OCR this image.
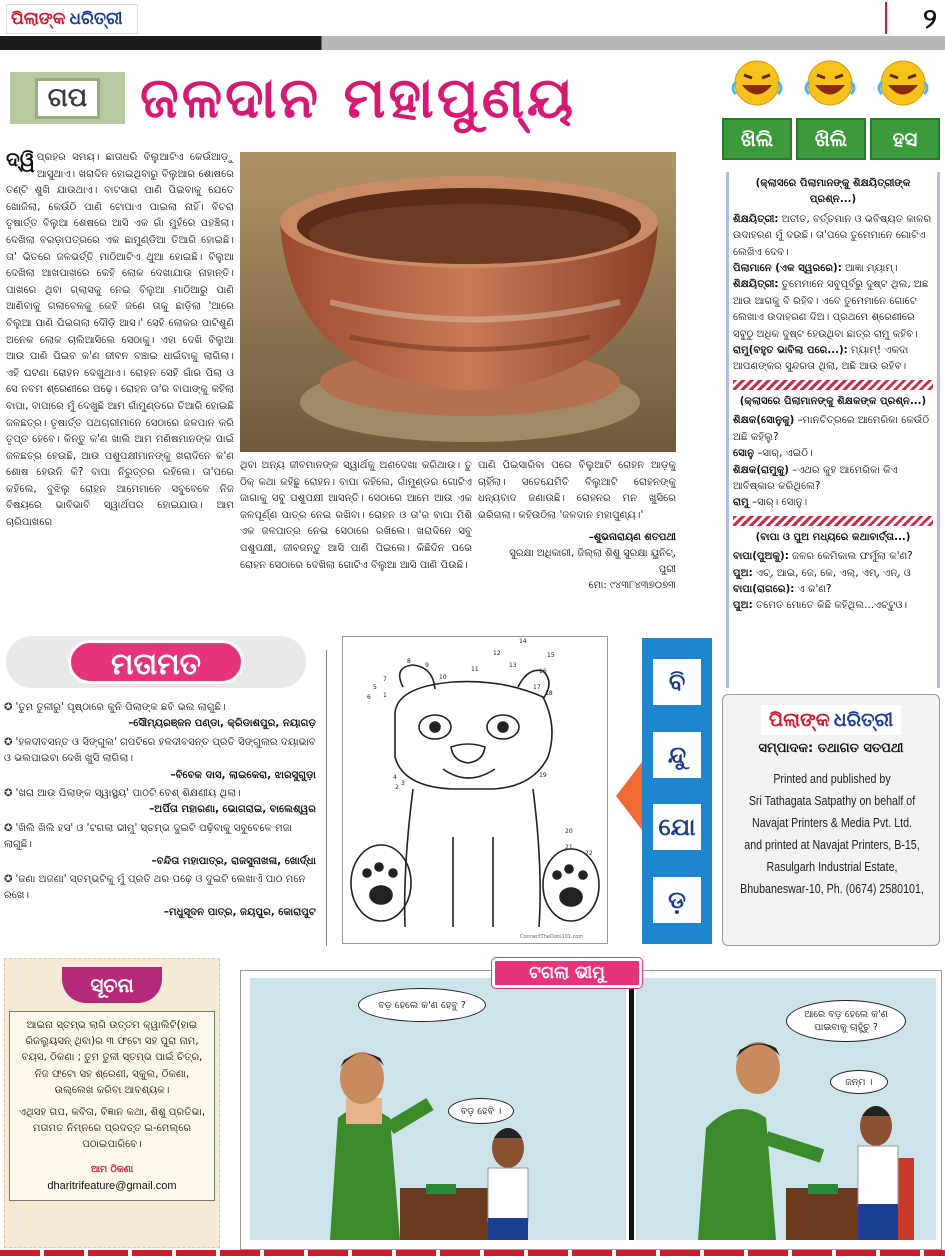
ପିଲାଙ୍କ ଧରିତ୍ରୀ	୨
ଗପ ଜଳଦାନ ମହାପୁଣ୍ୟ
ଦ୍ୱି ପ୍ରହର ସମୟ। ଛାତାଧରି ବିଲୁଆଟିଏ କେଉଁଆଡ଼ୁ ଆସୁଥାଏ। ଖରାଦିନ ହୋଇଥିବାରୁ ବିଲୁଆର ଶୋଷରେ ତଣ୍ଟି ଶୁଖି ଯାଉଥାଏ। ବାଟସାରା ପାଣି ପିଇବାକୁ ଯେତେ ଖୋଜିଲା, କେଉଁଠି ପାଣି ଟୋପାଏ ପାଇଲା ନାହିଁ। ବିଚରା ତୃଷାର୍ତ୍ତ ବିଲୁଆ ଶେଷରେ ଆସି ଏକ ଗାଁ ମୁହଁରେ ପହଞ୍ଚିଲା। ଦେଖିଲା ବରଡ଼ାପତ୍ରରେ ଏକ ଛାମୁଣ୍ଡିଆ ତିଆରି ହୋଇଛି। ତା' ଭିତରେ ଜଳଭର୍ତ୍ତି ମାଠିଆଟିଏ ଥୁଆ ହୋଇଛି। ବିଲୁଆ ଦେଖିଲା ଆଖପାଖରେ କେହି ଲୋକ ଦେଖାଯାଉ ନାହାନ୍ତି। ପାଖରେ ଥିବା ଗ୍ଲାସକୁ ନେଇ ବିଲୁଆ ମାଠିଆରୁ ପାଣି ଆଣିବାକୁ ଗଲାବେଳକୁ କେହି ଜଣେ ତାକୁ ଛାଡ଼ିଲା 'ଆରେ ବିଲୁଆ ପାଣି ପିଇଗଲା ଦୌଡ଼ି ଆସ।' ସେହି ଲୋକର ପାଟିଶୁଣି ଅନେକ ଲୋକ ଚାଲିଆସିଲେ ସେଠାକୁ। ଏହା ଦେଖି ବିଲୁଆ ଆଉ ପାଣି ପିଇବ କ'ଣ ଜୀବନ ବଞ୍ଚାଇ ଧାଇଁବାକୁ ଲାଗିଲା। ଏହି ଘଟଣା ରୋହନ ଦେଖୁଥାଏ। ରୋହନ ସେହି ଗାଁର ପିଲା ଓ ସେ ନବମ ଶ୍ରେଣୀରେ ପଢ଼େ। ରୋହନ ତା'ର ବାପାଙ୍କୁ କହିଲା ବାପା, ବାପାରେ ମୁଁ ଦେଖୁଛି ଆମ ଗାଁମୁଣ୍ଡରେ ତିଆରି ହୋଇଛି ଜଳଛତ୍ର। ତୃଷାର୍ତ୍ତ ପଥଚାରୀମାନେ ସେଠାରେ ଜଳପାନ କରି ତୃପ୍ତ ହେବେ। କିନ୍ତୁ କ'ଣ ଖାଲି ଆମ ମଣିଷମାନଙ୍କ ପାଇଁ ଜଳଛତ୍ର ହେଉଛି, ଆଉ ପଶୁପକ୍ଷୀମାନଙ୍କୁ ଖରାଦିନେ କ'ଣ ଶୋଷ ହେଉନି କି? ବାପା ନିରୁତ୍ତର ରହିଲେ। ତା'ପରେ କହିଲେ, ବୁଝିଲୁ ରୋହନ ଆମେମାନେ ସବୁବେଳେ ନିଜ ବିଷୟରେ ଭାବିଭାବି ସ୍ୱାର୍ଥପର ହୋଇଯାଉ। ଆମ ଚାରିପାଖରେ
ଥିବା ଅନ୍ୟ ଜୀବମାନଙ୍କ ସ୍ୱାର୍ଥକୁ ଅଣଦେଖା କରିଥାଉ। ତୁ ଠିକ୍ କଥା କହିଛୁ ରୋହନ। ବାପା କହିଲେ, ଗାଁମୁଣ୍ଡର ଗୋଟିଏ ଜାଗାକୁ ସବୁ ପଶୁପକ୍ଷୀ ଆସନ୍ତି। ସେଠାରେ ଆମେ ଆଉ ଏକ ଜଳପୂର୍ଣ୍ଣ ପାତ୍ର ନେଇ ରଖିବା। ରୋହନ ଓ ତା'ର ବାପା ମିଶି ଏକ ଜଳପାତ୍ର ନେଇ ସେଠାରେ ରଖିଲେ। ଖରାଦିନେ ସବୁ ପଶୁପକ୍ଷୀ, ଜୀବଜନ୍ତୁ ଆସି ପାଣି ପିଇଲେ। କିଛିଦିନ ପରେ ରୋହନ ସେଠାରେ ଦେଖିଲା ଗୋଟିଏ ବିଲୁଆ ଆସି ପାଣି ପିଉଛି।
ପାଣି ପିଇସାରିବା ପରେ ବିଲୁଆଟି ରୋହନ ଆଡ଼କୁ ଚାହିଁଲା। ସତେଯେମିତି ବିଲୁଆଟି ରୋହନଙ୍କୁ ଧନ୍ୟବାଦ ଜଣାଉଛି। ରୋହନର ମନ ଖୁସିରେ ଭରିଗଲା। କହିଉଠିଲା 'ଜଳଦାନ ମହାପୁଣ୍ୟ।'
–ଶୁଭନାରାୟଣ ଶତପଥୀ
ସୁରକ୍ଷା ଅଧିକାରୀ, ଜିଲ୍ଲା ଶିଶୁ ସୁରକ୍ଷା ୟୁନିଟ୍,
ପୁରୀ
ମୋ: ୯୪୩୮୪୩୭୦୭୩
ଖିଲି	ଖିଲି	ହସ
(କ୍ଲାସରେ ପିଲାମାନଙ୍କୁ ଶିକ୍ଷୟିତ୍ରୀଙ୍କ ପ୍ରଶ୍ନ...)
ଶିକ୍ଷୟିତ୍ରୀ: ଅତୀତ, ବର୍ତ୍ତମାନ ଓ ଭବିଷ୍ୟତ କାଳର ଉଦାହରଣ ମୁଁ ଦଉଛି। ତା'ପରେ ତୁମେମାନେ ଗୋଟିଏ ଲେଖିଏ ଦେବ।
ପିଲାମାନେ (ଏକ ସ୍ୱରରେ): ଆଜ୍ଞା ମ୍ୟାମ୍।
ଶିକ୍ଷୟିତ୍ରୀ: ତୁମେମାନେ ସବୁପୂର୍ବରୁ ଦୁଷ୍ଟ ଥିଲ, ଅଛ ଆଉ ଆଗକୁ ବି ରହିବ। ଏବେ ତୁମେମାନେ ଗୋଟେ ଲେଖାଏ ଉଦାହରଣ ଦିଅ। ପ୍ରଥମେ ଶ୍ରେଣୀରେ ସବୁଠୁ ଅଧିକ ଦୁଷ୍ଟ ହେଉଥିବା ଛାତ୍ର ରାମୁ କହିବ।
ରାମୁ(ବହୁତ ଭାବିଲା ପରେ...): ମ୍ୟାମ୍! ଏକଦା ଆପଣଙ୍କର ସୁନ୍ଦରତା ଥିଲା, ଅଛି ଆଉ ରହିବ।
(କ୍ଲାସରେ ପିଲାମାନଙ୍କୁ ଶିକ୍ଷକଙ୍କ ପ୍ରଶ୍ନ...)
ଶିକ୍ଷକ(ସୋନୁକୁ) –ମାନଚିତ୍ରରେ ଆମେରିକା କେଉଁଠି ଅଛି କହିଲୁ?
ସୋନୁ –ସାର୍, ଏଇଠି।
ଶିକ୍ଷକ(ରାମୁକୁ) –ଏଥର କୁହ ଆମେରିକା କିଏ ଆବିଷ୍କାର କରିଥିଲେ?
ରାମୁ –ସାର୍। ସୋନୁ।
(ବାପା ଓ ପୁଅ ମଧ୍ୟରେ କଥାବାର୍ତ୍ତା...)
ବାପା(ପୁଅକୁ): ଜଳର କେମିକାଲ ଫର୍ମୁଲା କ'ଣ?
ପୁଅ: ଏଚ୍, ଆଇ, ଜେ, କେ, ଏଲ୍, ଏମ୍, ଏନ୍, ଓ
ବାପା(ରାଗରେ): ଏ କ'ଣ?
ପୁଅ: ତମେତ ମୋତେ କିଛି କହିଥିଲ...ଏଚ୍ଟୁଓ।
ପିଲାଙ୍କ ଧରିତ୍ରୀ
ସମ୍ପାଦକ: ତଥାଗତ ସତପଥୀ
Printed and published by
Sri Tathagata Satpathy on behalf of
Navajat Printers & Media Pvt. Ltd.
and printed at Navajat Printers, B-15,
Rasulgarh Industrial Estate,
Bhubaneswar-10, Ph. (0674) 2580101,
ମତାମତ
✪ 'ତୁମ ତୁଳୀରୁ' ପୃଷ୍ଠାରେ କୁନି ପିଲାଙ୍କ ଛବି ଭଲ ଲାଗୁଛି।
–ସୌମ୍ୟରଞ୍ଜନ ପଣ୍ଡା, କ୍ରିଡାଶପୁର, ନୟାଗଡ଼
✪ 'ହଳଦୀବସନ୍ତ ଓ ସିଙ୍ଗୁଲ' ଗପଟିରେ ହଳଦୀବସନ୍ତ ପ୍ରତି ସିଙ୍ଗୁଲର ଦୟାଭାବ ଓ ଭଲପାଇବା ଦେଖି ଖୁସି ଲାଗିଲା।
–ବିବେକ ଦାସ, ଲାଇକେରା, ଝାରସୁଗୁଡ଼ା
✪ 'ଖରା ଆଉ ପିଲାଙ୍କ ସ୍ୱାସ୍ଥ୍ୟ' ପାଠଟି ବେଶ୍ ଶିକ୍ଷଣୀୟ ଥିଲା।
–ଅର୍ପିତା ମହାରଣା, ଭୋଗରାଇ, ବାଲେଶ୍ୱର
✪ 'ଖିଲି ଖିଲି ହସ' ଓ 'ଟଗଲା ଭୀମୁ' ସ୍ତମ୍ଭ ଦୁଇଟି ପଢ଼ିବାକୁ ସବୁବେଳେ ମଜା ଲାଗୁଛି।
–ବନ୍ଦିତା ମହାପାତ୍ର, ରାଜସୁନାଖଳା, ଖୋର୍ଦ୍ଧା
✪ 'ଜଣା ଅଜଣା' ସ୍ତମ୍ଭଟିକୁ ମୁଁ ପ୍ରତି ଥର ପଢ଼େ ଓ ଦୁଇଟି ଲେଖାଏଁ ପାଠ ମନେ ରଖେ।
–ମଧୁସୂଦନ ପାତ୍ର, ଜୟପୁର, କୋରାପୁଟ
1
2
3
4
5
6
7
8
9
10
11
12
13
14
15
16
17
18
19
20
21
22
ConnectTheDots101.com
ବି
ନ୍ଦୁ
ଯୋ
ଡ଼
ସୂଚନା
ଆଇନା ସ୍ତମ୍ଭ ଲାଗି ଉତ୍ତମ କ୍ୱାଲିଟି(ହାଇ ରିଜଲ୍ୟୁସନ୍ ଥିବା)ର ୩ ଫଟୋ ସହ ପୁରା ନାମ, ବୟସ, ଠିକଣା ; ତୁମ ତୁଳୀ ସ୍ତମ୍ଭ ପାଇଁ ଚିତ୍ର, ନିଜ ଫଟୋ ସହ ଶ୍ରେଣୀ, ସ୍କୁଲ, ଠିକଣା, ଉଲ୍ଲେଖ କରିବା ଆବଶ୍ୟକ।
ଏଥିସହ ଗପ, କବିତା, ବିଜ୍ଞାନ କଥା, ଶିଶୁ ପ୍ରତିଭା, ମତାମତ ନିମ୍ନରେ ପ୍ରଦତ୍ତ ଇ-ମେଲ୍‌ରେ ପଠାଇପାରିବେ।
ଆମ ଠିକଣା
dharitrifeature@gmail.com
ବଡ଼ ହେଲେ କ'ଣ ହେବୁ ?
ବଡ଼ ହେବି ।
ଆରେ ବଡ଼ ହେଲେ କ'ଣ ପାଇବାକୁ ଚାହୁଁଚୁ ?
ଜନ୍ମ ।
ଟଗଲା ଭୀମୁ
